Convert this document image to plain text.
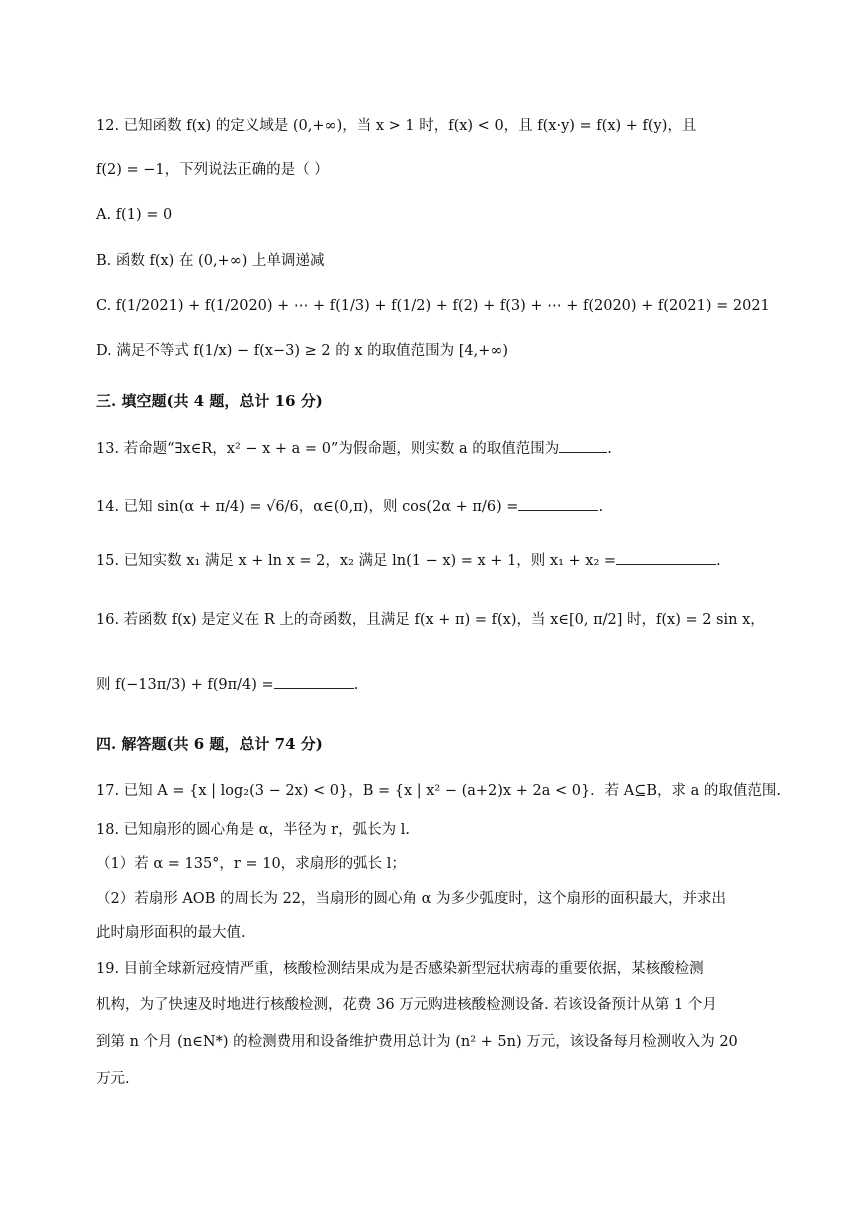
12. 已知函数 f(x) 的定义域是 (0,+∞)，当 x > 1 时，f(x) < 0，且 f(x·y) = f(x) + f(y)，且
f(2) = −1，下列说法正确的是（ ）
A. f(1) = 0
B. 函数 f(x) 在 (0,+∞) 上单调递减
C. f(1/2021) + f(1/2020) + ⋯ + f(1/3) + f(1/2) + f(2) + f(3) + ⋯ + f(2020) + f(2021) = 2021
D. 满足不等式 f(1/x) − f(x−3) ≥ 2 的 x 的取值范围为 [4,+∞)
三. 填空题(共 4 题，总计 16 分)
13. 若命题“∃x∈R，x² − x + a = 0”为假命题，则实数 a 的取值范围为	.
14. 已知 sin(α + π/4) = √6/6，α∈(0,π)，则 cos(2α + π/6) =	.
15. 已知实数 x₁ 满足 x + ln x = 2，x₂ 满足 ln(1 − x) = x + 1，则 x₁ + x₂ =	.
16. 若函数 f(x) 是定义在 R 上的奇函数，且满足 f(x + π) = f(x)，当 x∈[0, π/2] 时，f(x) = 2 sin x，
则 f(−13π/3) + f(9π/4) =	.
四. 解答题(共 6 题，总计 74 分)
17. 已知 A = {x | log₂(3 − 2x) < 0}，B = {x | x² − (a+2)x + 2a < 0}．若 A⊆B，求 a 的取值范围.
18. 已知扇形的圆心角是 α，半径为 r，弧长为 l.
（1）若 α = 135°，r = 10，求扇形的弧长 l；
（2）若扇形 AOB 的周长为 22，当扇形的圆心角 α 为多少弧度时，这个扇形的面积最大，并求出
此时扇形面积的最大值.
19. 目前全球新冠疫情严重，核酸检测结果成为是否感染新型冠状病毒的重要依据，某核酸检测
机构，为了快速及时地进行核酸检测，花费 36 万元购进核酸检测设备. 若该设备预计从第 1 个月
到第 n 个月 (n∈N*) 的检测费用和设备维护费用总计为 (n² + 5n) 万元，该设备每月检测收入为 20
万元.
